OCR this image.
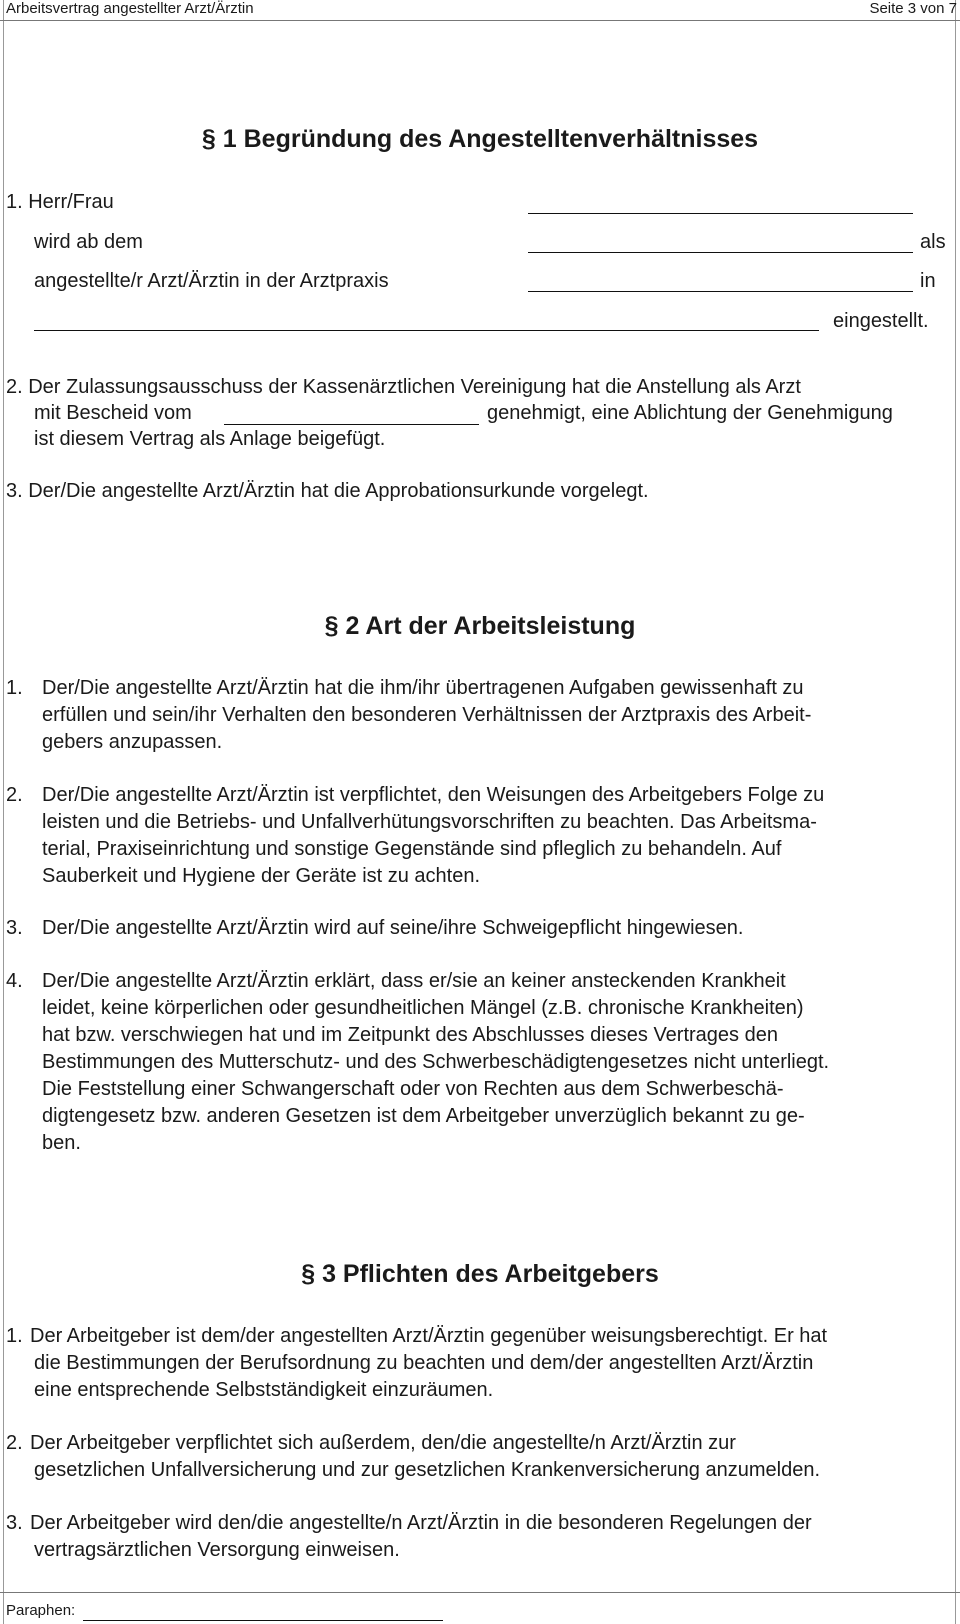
Arbeitsvertrag angestellter Arzt/Ärztin	Seite 3 von 7
§ 1 Begründung des Angestelltenverhältnisses
1. Herr/Frau
wird ab dem	als
angestellte/r Arzt/Ärztin in der Arztpraxis	in
eingestellt.
2. Der Zulassungsausschuss der Kassenärztlichen Vereinigung hat die Anstellung als Arzt
mit Bescheid vom	genehmigt, eine Ablichtung der Genehmigung
ist diesem Vertrag als Anlage beigefügt.
3. Der/Die angestellte Arzt/Ärztin hat die Approbationsurkunde vorgelegt.
§ 2 Art der Arbeitsleistung
1. Der/Die angestellte Arzt/Ärztin hat die ihm/ihr übertragenen Aufgaben gewissenhaft zu
erfüllen und sein/ihr Verhalten den besonderen Verhältnissen der Arztpraxis des Arbeit-
gebers anzupassen.
2. Der/Die angestellte Arzt/Ärztin ist verpflichtet, den Weisungen des Arbeitgebers Folge zu
leisten und die Betriebs- und Unfallverhütungsvorschriften zu beachten. Das Arbeitsma-
terial, Praxiseinrichtung und sonstige Gegenstände sind pfleglich zu behandeln. Auf
Sauberkeit und Hygiene der Geräte ist zu achten.
3. Der/Die angestellte Arzt/Ärztin wird auf seine/ihre Schweigepflicht hingewiesen.
4. Der/Die angestellte Arzt/Ärztin erklärt, dass er/sie an keiner ansteckenden Krankheit
leidet, keine körperlichen oder gesundheitlichen Mängel (z.B. chronische Krankheiten)
hat bzw. verschwiegen hat und im Zeitpunkt des Abschlusses dieses Vertrages den
Bestimmungen des Mutterschutz- und des Schwerbeschädigtengesetzes nicht unterliegt.
Die Feststellung einer Schwangerschaft oder von Rechten aus dem Schwerbeschä-
digtengesetz bzw. anderen Gesetzen ist dem Arbeitgeber unverzüglich bekannt zu ge-
ben.
§ 3 Pflichten des Arbeitgebers
1. Der Arbeitgeber ist dem/der angestellten Arzt/Ärztin gegenüber weisungsberechtigt. Er hat
die Bestimmungen der Berufsordnung zu beachten und dem/der angestellten Arzt/Ärztin
eine entsprechende Selbstständigkeit einzuräumen.
2. Der Arbeitgeber verpflichtet sich außerdem, den/die angestellte/n Arzt/Ärztin zur
gesetzlichen Unfallversicherung und zur gesetzlichen Krankenversicherung anzumelden.
3. Der Arbeitgeber wird den/die angestellte/n Arzt/Ärztin in die besonderen Regelungen der
vertragsärztlichen Versorgung einweisen.
Paraphen:
